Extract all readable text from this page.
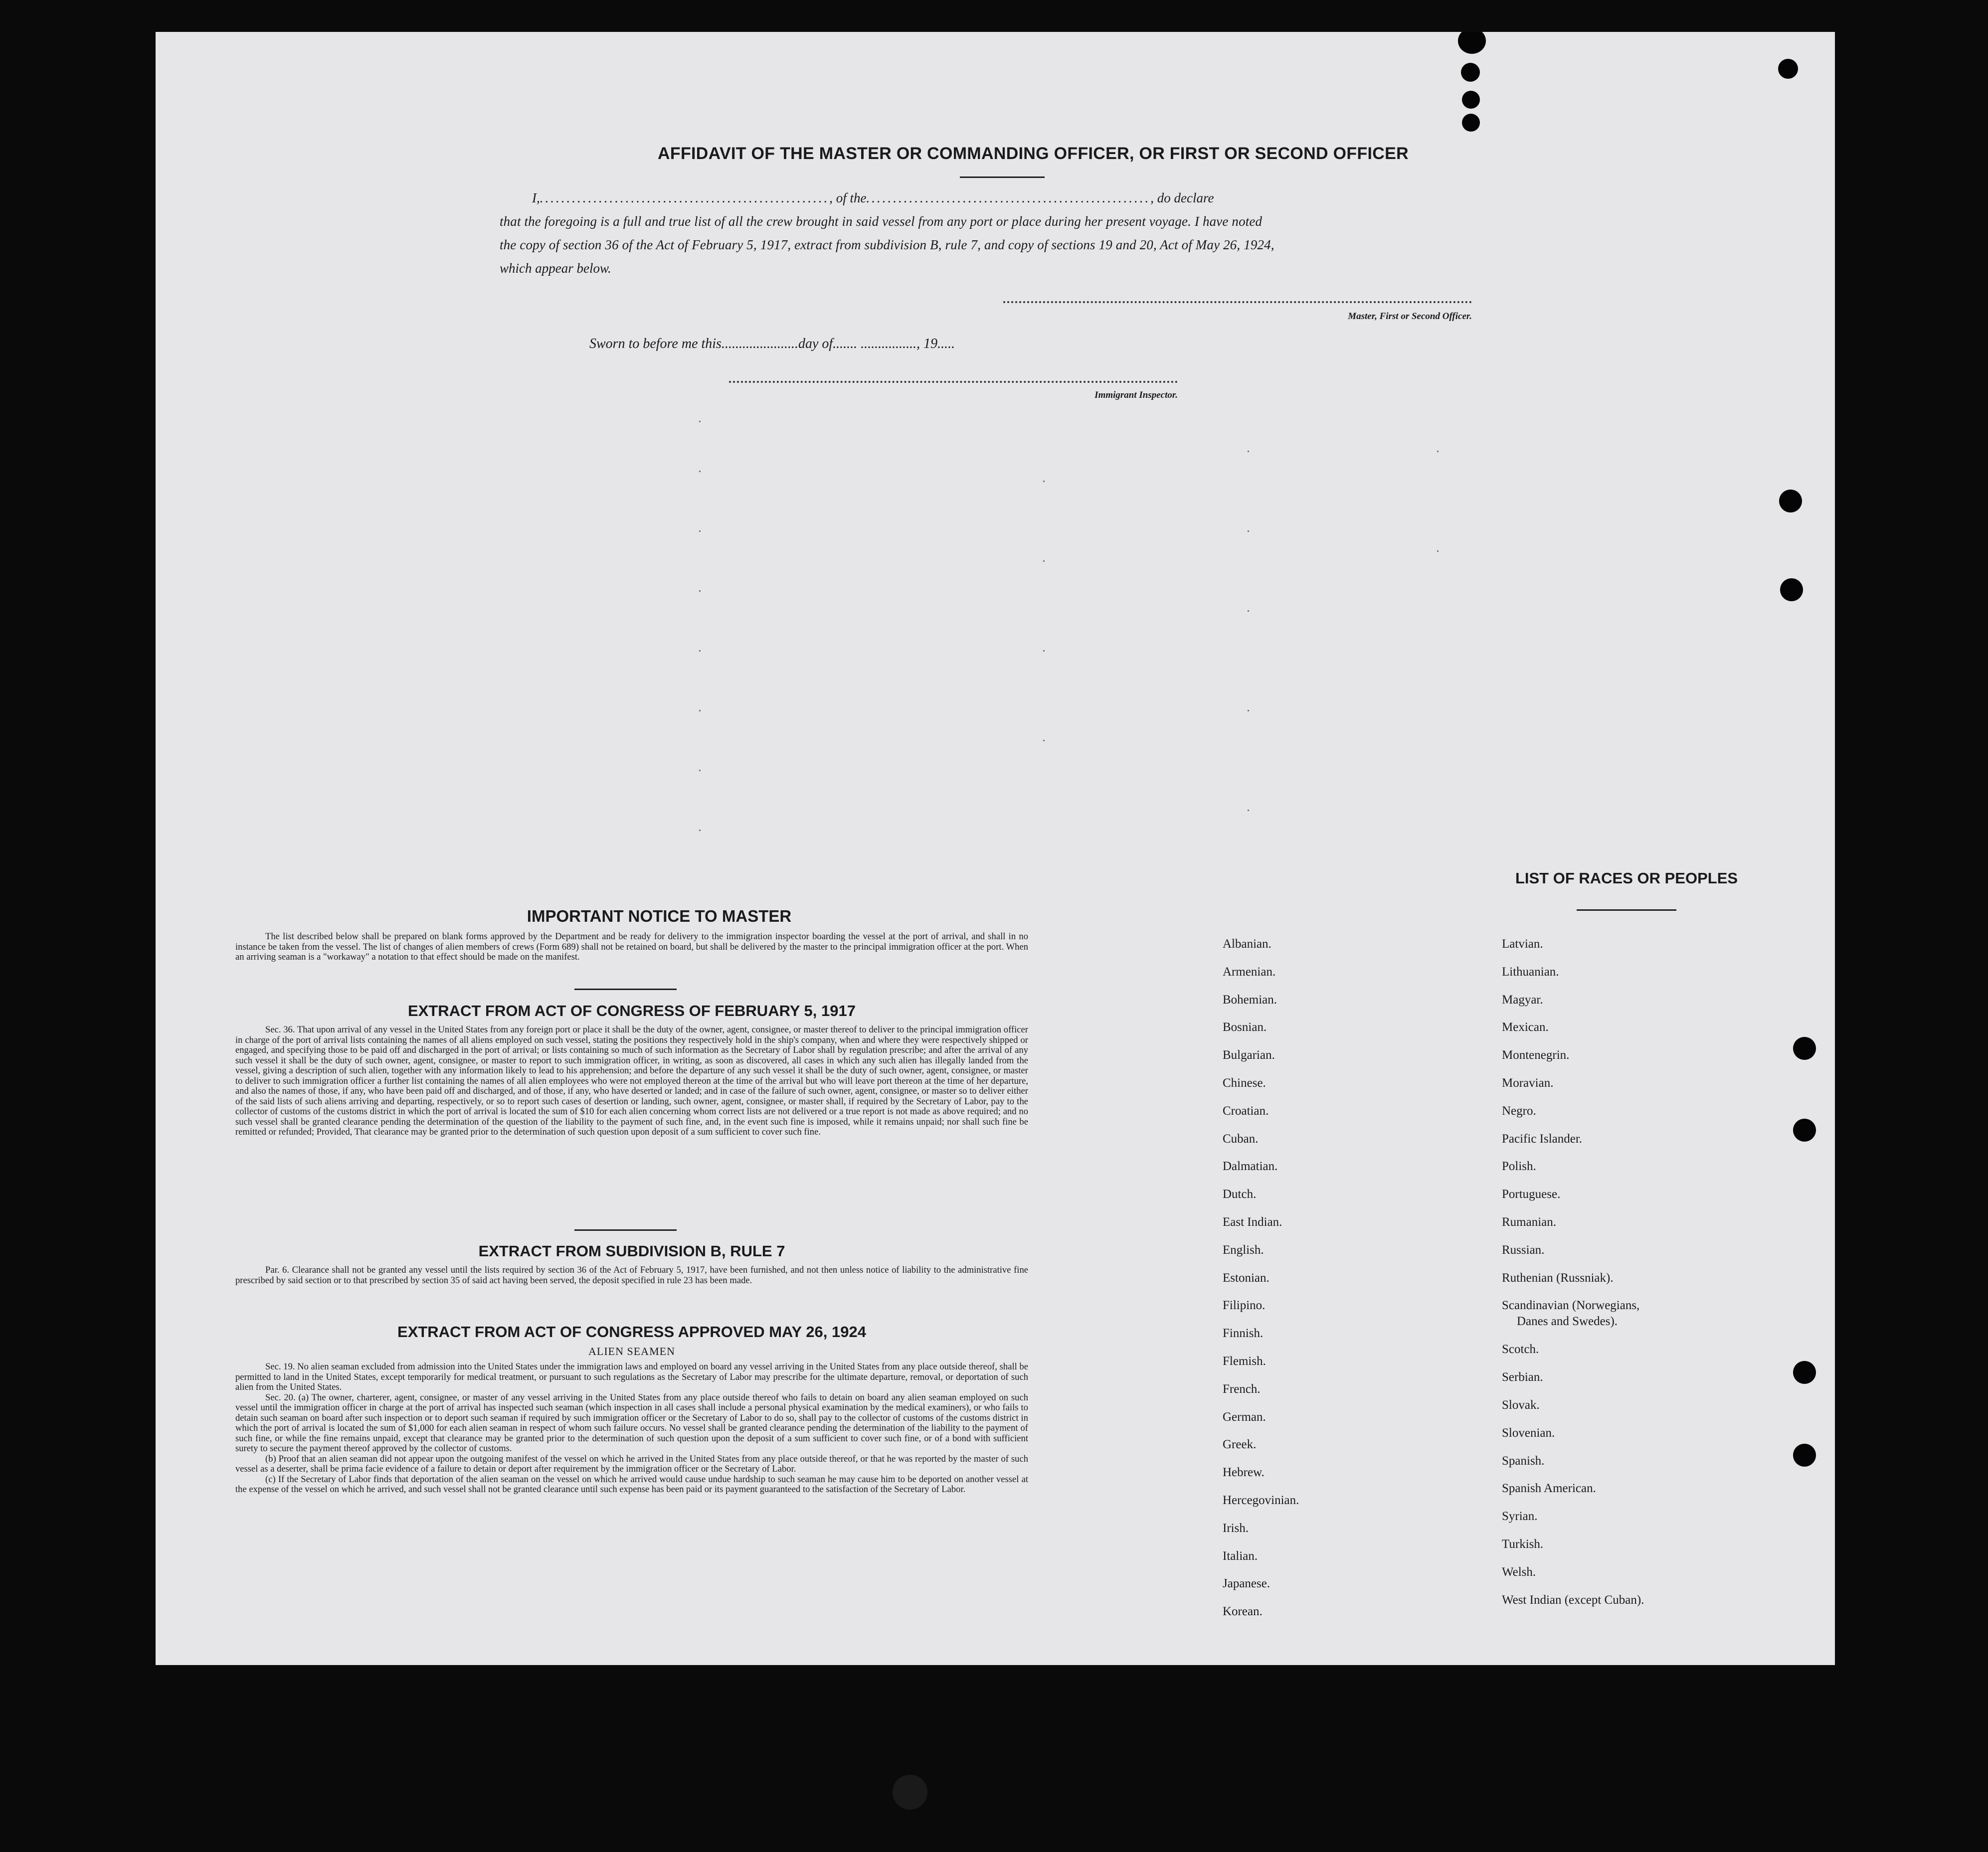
AFFIDAVIT OF THE MASTER OR COMMANDING OFFICER, OR FIRST OR SECOND OFFICER
I,......................................................, of the....................................................., do declare
that the foregoing is a full and true list of all the crew brought in said vessel from any port or place during her present voyage. I have noted
the copy of section 36 of the Act of February 5, 1917, extract from subdivision B, rule 7, and copy of sections 19 and 20, Act of May 26, 1924,
which appear below.
Master, First or Second Officer.
Sworn to before me this......................day of....... ................, 19.....
Immigrant Inspector.
IMPORTANT NOTICE TO MASTER

The list described below shall be prepared on blank forms approved by the Department and be ready for delivery to the immigration inspector boarding the vessel at the port of arrival, and shall in no instance be taken from the vessel. The list of changes of alien members of crews (Form 689) shall not be retained on board, but shall be delivered by the master to the principal immigration officer at the port. When an arriving seaman is a "workaway" a notation to that effect should be made on the manifest.

EXTRACT FROM ACT OF CONGRESS OF FEBRUARY 5, 1917

Sec. 36. That upon arrival of any vessel in the United States from any foreign port or place it shall be the duty of the owner, agent, consignee, or master thereof to deliver to the principal immigration officer in charge of the port of arrival lists containing the names of all aliens employed on such vessel, stating the positions they respectively hold in the ship's company, when and where they were respectively shipped or engaged, and specifying those to be paid off and discharged in the port of arrival; or lists containing so much of such information as the Secretary of Labor shall by regulation prescribe; and after the arrival of any such vessel it shall be the duty of such owner, agent, consignee, or master to report to such immigration officer, in writing, as soon as discovered, all cases in which any such alien has illegally landed from the vessel, giving a description of such alien, together with any information likely to lead to his apprehension; and before the departure of any such vessel it shall be the duty of such owner, agent, consignee, or master to deliver to such immigration officer a further list containing the names of all alien employees who were not employed thereon at the time of the arrival but who will leave port thereon at the time of her departure, and also the names of those, if any, who have been paid off and discharged, and of those, if any, who have deserted or landed; and in case of the failure of such owner, agent, consignee, or master so to deliver either of the said lists of such aliens arriving and departing, respectively, or so to report such cases of desertion or landing, such owner, agent, consignee, or master shall, if required by the Secretary of Labor, pay to the collector of customs of the customs district in which the port of arrival is located the sum of $10 for each alien concerning whom correct lists are not delivered or a true report is not made as above required; and no such vessel shall be granted clearance pending the determination of the question of the liability to the payment of such fine, and, in the event such fine is imposed, while it remains unpaid; nor shall such fine be remitted or refunded; Provided, That clearance may be granted prior to the determination of such question upon deposit of a sum sufficient to cover such fine.

EXTRACT FROM SUBDIVISION B, RULE 7

Par. 6. Clearance shall not be granted any vessel until the lists required by section 36 of the Act of February 5, 1917, have been furnished, and not then unless notice of liability to the administrative fine prescribed by said section or to that prescribed by section 35 of said act having been served, the deposit specified in rule 23 has been made.

EXTRACT FROM ACT OF CONGRESS APPROVED MAY 26, 1924
ALIEN SEAMEN

Sec. 19. No alien seaman excluded from admission into the United States under the immigration laws and employed on board any vessel arriving in the United States from any place outside thereof, shall be permitted to land in the United States, except temporarily for medical treatment, or pursuant to such regulations as the Secretary of Labor may prescribe for the ultimate departure, removal, or deportation of such alien from the United States.

Sec. 20. (a) The owner, charterer, agent, consignee, or master of any vessel arriving in the United States from any place outside thereof who fails to detain on board any alien seaman employed on such vessel until the immigration officer in charge at the port of arrival has inspected such seaman (which inspection in all cases shall include a personal physical examination by the medical examiners), or who fails to detain such seaman on board after such inspection or to deport such seaman if required by such immigration officer or the Secretary of Labor to do so, shall pay to the collector of customs of the customs district in which the port of arrival is located the sum of $1,000 for each alien seaman in respect of whom such failure occurs. No vessel shall be granted clearance pending the determination of the liability to the payment of such fine, or while the fine remains unpaid, except that clearance may be granted prior to the determination of such question upon the deposit of a sum sufficient to cover such fine, or of a bond with sufficient surety to secure the payment thereof approved by the collector of customs.

(b) Proof that an alien seaman did not appear upon the outgoing manifest of the vessel on which he arrived in the United States from any place outside thereof, or that he was reported by the master of such vessel as a deserter, shall be prima facie evidence of a failure to detain or deport after requirement by the immigration officer or the Secretary of Labor.

(c) If the Secretary of Labor finds that deportation of the alien seaman on the vessel on which he arrived would cause undue hardship to such seaman he may cause him to be deported on another vessel at the expense of the vessel on which he arrived, and such vessel shall not be granted clearance until such expense has been paid or its payment guaranteed to the satisfaction of the Secretary of Labor.

LIST OF RACES OR PEOPLES
Albanian.
Armenian.
Bohemian.
Bosnian.
Bulgarian.
Chinese.
Croatian.
Cuban.
Dalmatian.
Dutch.
East Indian.
English.
Estonian.
Filipino.
Finnish.
Flemish.
French.
German.
Greek.
Hebrew.
Hercegovinian.
Irish.
Italian.
Japanese.
Korean.
Latvian.
Lithuanian.
Magyar.
Mexican.
Montenegrin.
Moravian.
Negro.
Pacific Islander.
Polish.
Portuguese.
Rumanian.
Russian.
Ruthenian (Russniak).
Scandinavian (Norwegians,
Danes and Swedes).
Scotch.
Serbian.
Slovak.
Slovenian.
Spanish.
Spanish American.
Syrian.
Turkish.
Welsh.
West Indian (except Cuban).
